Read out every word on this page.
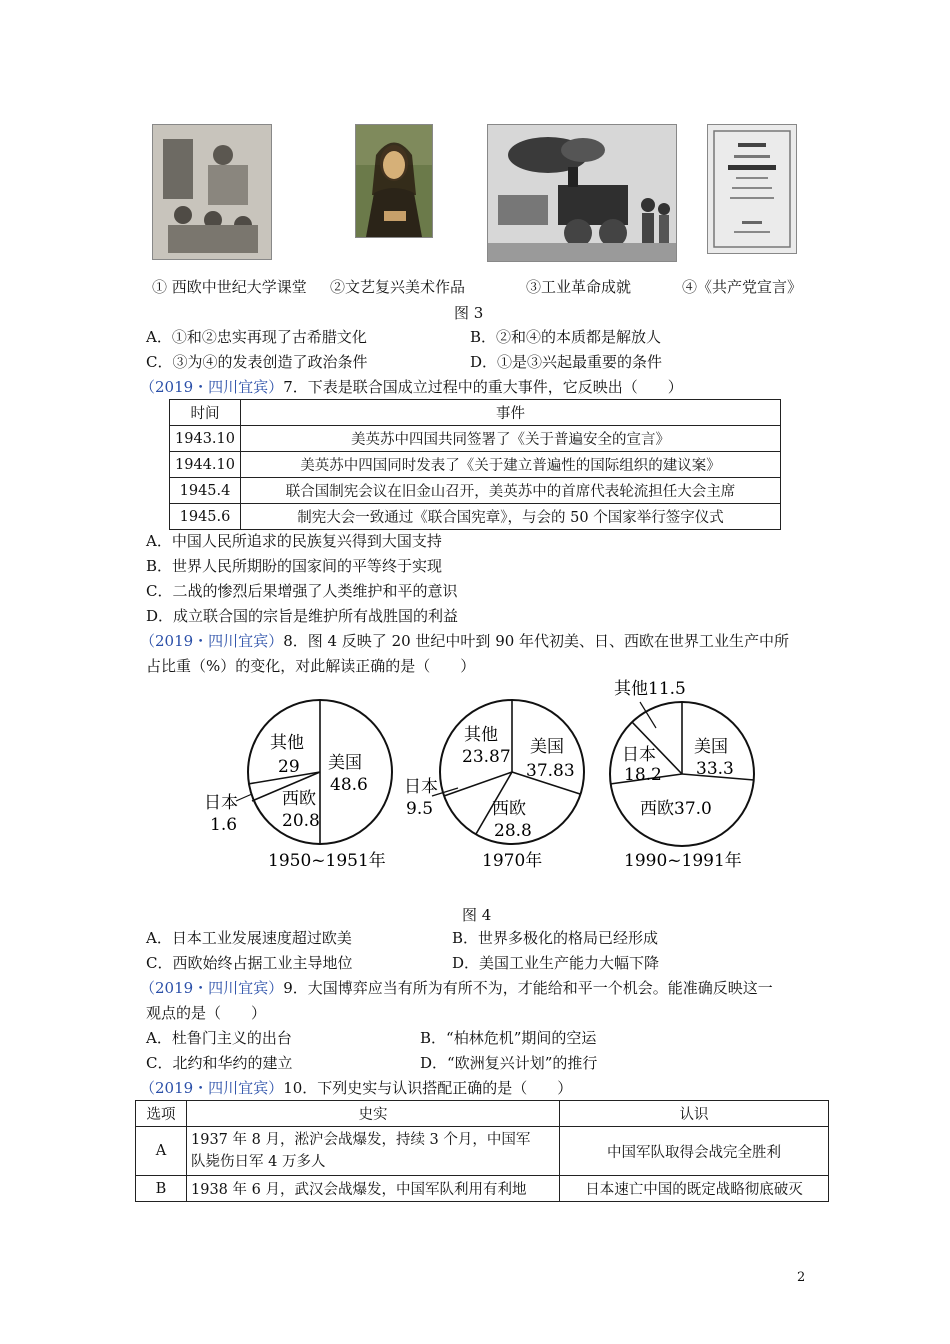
① 西欧中世纪大学课堂 ②文艺复兴美术作品	③工业革命成就	④《共产党宣言》
图 3
A．①和②忠实再现了古希腊文化	B．②和④的本质都是解放人
C．③为④的发表创造了政治条件	D．①是③兴起最重要的条件
（2019・四川宜宾）7．下表是联合国成立过程中的重大事件，它反映出（　　）
时间	事件
1943.10	美英苏中四国共同签署了《关于普遍安全的宣言》
1944.10	美英苏中四国同时发表了《关于建立普遍性的国际组织的建议案》
1945.4	联合国制宪会议在旧金山召开，美英苏中的首席代表轮流担任大会主席
1945.6	制宪大会一致通过《联合国宪章》，与会的 50 个国家举行签字仪式
A．中国人民所追求的民族复兴得到大国支持
B．世界人民所期盼的国家间的平等终于实现
C．二战的惨烈后果增强了人类维护和平的意识
D．成立联合国的宗旨是维护所有战胜国的利益
（2019・四川宜宾）8．图 4 反映了 20 世纪中叶到 90 年代初美、日、西欧在世界工业生产中所
占比重（%）的变化，对此解读正确的是（　　）
美国
48.6
其他
29
西欧
20.8
日本
1.6
1950~1951年
美国
37.83
其他
23.87
西欧
28.8
日本
9.5
1970年
美国
33.3
其他11.5
西欧37.0
日本
18.2
1990~1991年
图 4
A．日本工业发展速度超过欧美	B．世界多极化的格局已经形成
C．西欧始终占据工业主导地位	D．美国工业生产能力大幅下降
（2019・四川宜宾）9．大国博弈应当有所为有所不为，才能给和平一个机会。能准确反映这一
观点的是（　　）
A．杜鲁门主义的出台	B．“柏林危机”期间的空运
C．北约和华约的建立	D．“欧洲复兴计划”的推行
（2019・四川宜宾）10．下列史实与认识搭配正确的是（　　）
选项	史实	认识
A	1937 年 8 月，淞沪会战爆发，持续 3 个月，中国军
队毙伤日军 4 万多人	中国军队取得会战完全胜利
B	1938 年 6 月，武汉会战爆发，中国军队利用有利地	日本速亡中国的既定战略彻底破灭
2
